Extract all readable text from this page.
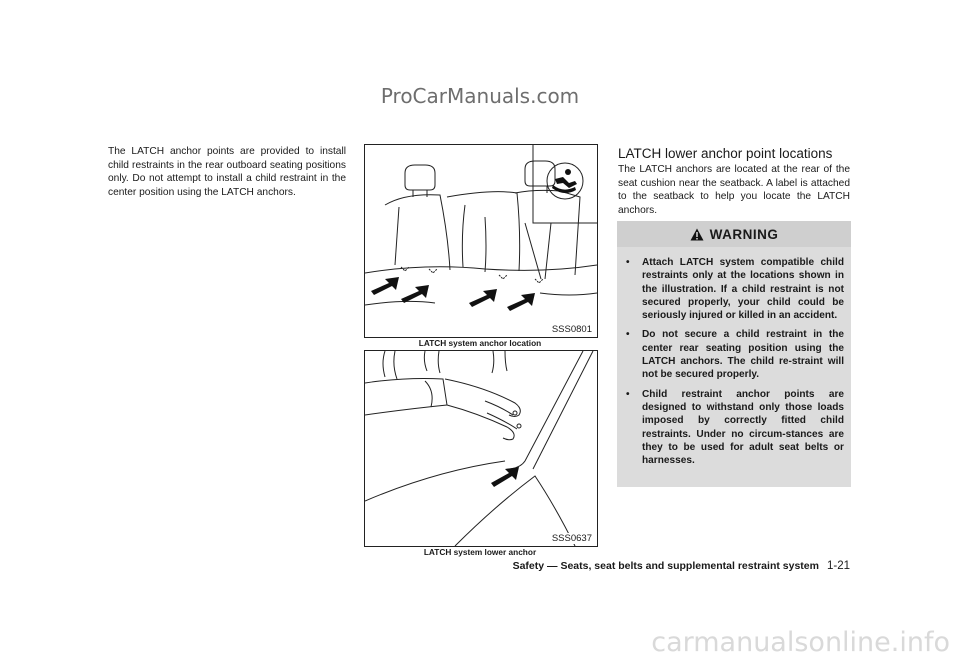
ProCarManuals.com

The LATCH anchor points are provided to install child restraints in the rear outboard seating positions only. Do not attempt to install a child restraint in the center position using the LATCH anchors.

SSS0801
LATCH system anchor location
SSS0637
LATCH system lower anchor
LATCH lower anchor point locations

The LATCH anchors are located at the rear of the seat cushion near the seatback. A label is attached to the seatback to help you locate the LATCH anchors.

WARNING
• Attach LATCH system compatible child restraints only at the locations shown in the illustration. If a child restraint is not secured properly, your child could be seriously injured or killed in an accident.
• Do not secure a child restraint in the center rear seating position using the LATCH anchors. The child re-straint will not be secured properly.
• Child restraint anchor points are designed to withstand only those loads imposed by correctly fitted child restraints. Under no circum-stances are they to be used for adult seat belts or harnesses.
Safety — Seats, seat belts and supplemental restraint system 1-21
carmanualsonline.info
